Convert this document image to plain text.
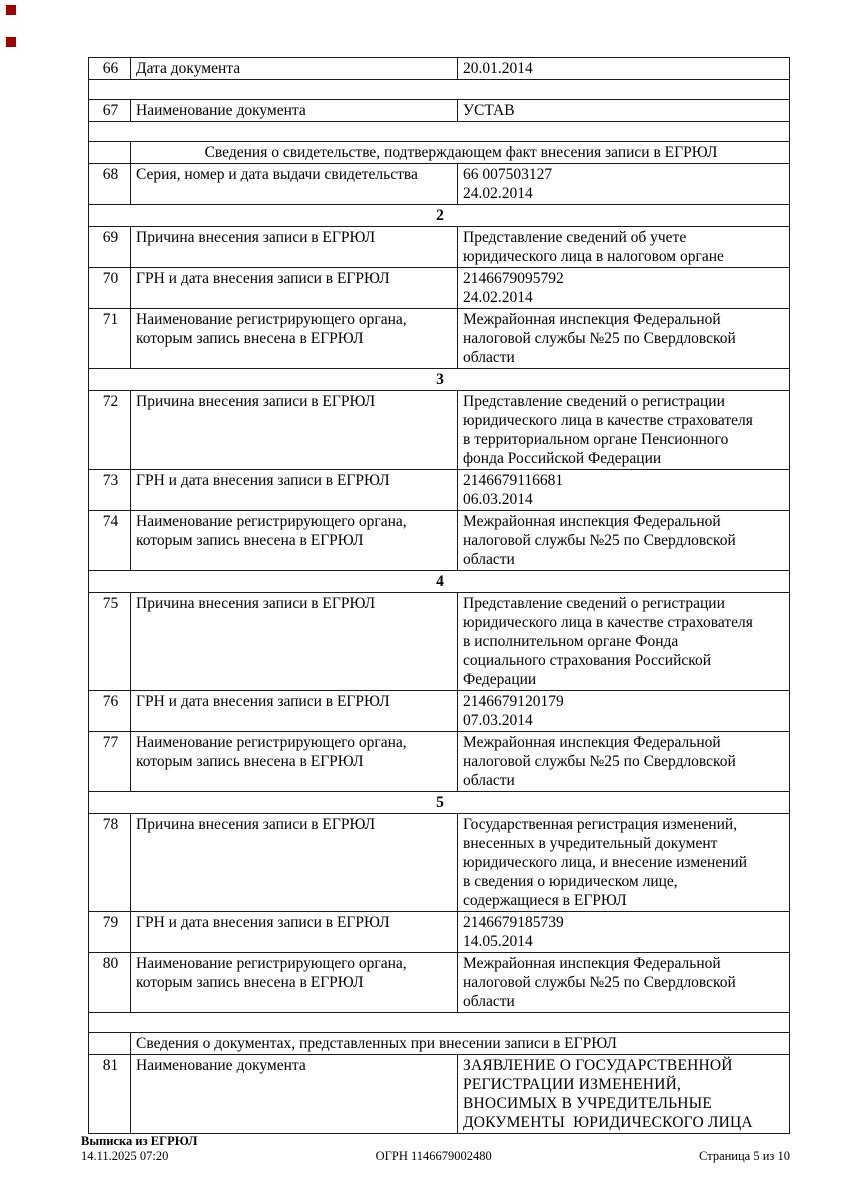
66	Дата документа	20.01.2014

67	Наименование документа	УСТАВ

	Сведения о свидетельстве, подтверждающем факт внесения записи в ЕГРЮЛ	
68	Серия, номер и дата выдачи свидетельства	66 007503127
24.02.2014

2		
69	Причина внесения записи в ЕГРЮЛ	Представление сведений об учете
юридического лица в налоговом органе

70	ГРН и дата внесения записи в ЕГРЮЛ	2146679095792
24.02.2014

71	Наименование регистрирующего органа, которым запись внесена в ЕГРЮЛ	Межрайонная инспекция Федеральной
налоговой службы №25 по Свердловской
области

3		
72	Причина внесения записи в ЕГРЮЛ	Представление сведений о регистрации
юридического лица в качестве страхователя
в территориальном органе Пенсионного
фонда Российской Федерации

73	ГРН и дата внесения записи в ЕГРЮЛ	2146679116681
06.03.2014

74	Наименование регистрирующего органа, которым запись внесена в ЕГРЮЛ	Межрайонная инспекция Федеральной
налоговой службы №25 по Свердловской
области

4		
75	Причина внесения записи в ЕГРЮЛ	Представление сведений о регистрации
юридического лица в качестве страхователя
в исполнительном органе Фонда
социального страхования Российской
Федерации

76	ГРН и дата внесения записи в ЕГРЮЛ	2146679120179
07.03.2014

77	Наименование регистрирующего органа, которым запись внесена в ЕГРЮЛ	Межрайонная инспекция Федеральной
налоговой службы №25 по Свердловской
области

5		
78	Причина внесения записи в ЕГРЮЛ	Государственная регистрация изменений,
внесенных в учредительный документ
юридического лица, и внесение изменений
в сведения о юридическом лице,
содержащиеся в ЕГРЮЛ

79	ГРН и дата внесения записи в ЕГРЮЛ	2146679185739
14.05.2014

80	Наименование регистрирующего органа, которым запись внесена в ЕГРЮЛ	Межрайонная инспекция Федеральной
налоговой службы №25 по Свердловской
области

	Сведения о документах, представленных при внесении записи в ЕГРЮЛ	
81	Наименование документа	ЗАЯВЛЕНИЕ О ГОСУДАРСТВЕННОЙ
РЕГИСТРАЦИИ ИЗМЕНЕНИЙ,
ВНОСИМЫХ В УЧРЕДИТЕЛЬНЫЕ
ДОКУМЕНТЫ  ЮРИДИЧЕСКОГО ЛИЦА
Выписка из ЕГРЮЛ
14.11.2025 07:20	ОГРН 1146679002480	Страница 5 из 10
